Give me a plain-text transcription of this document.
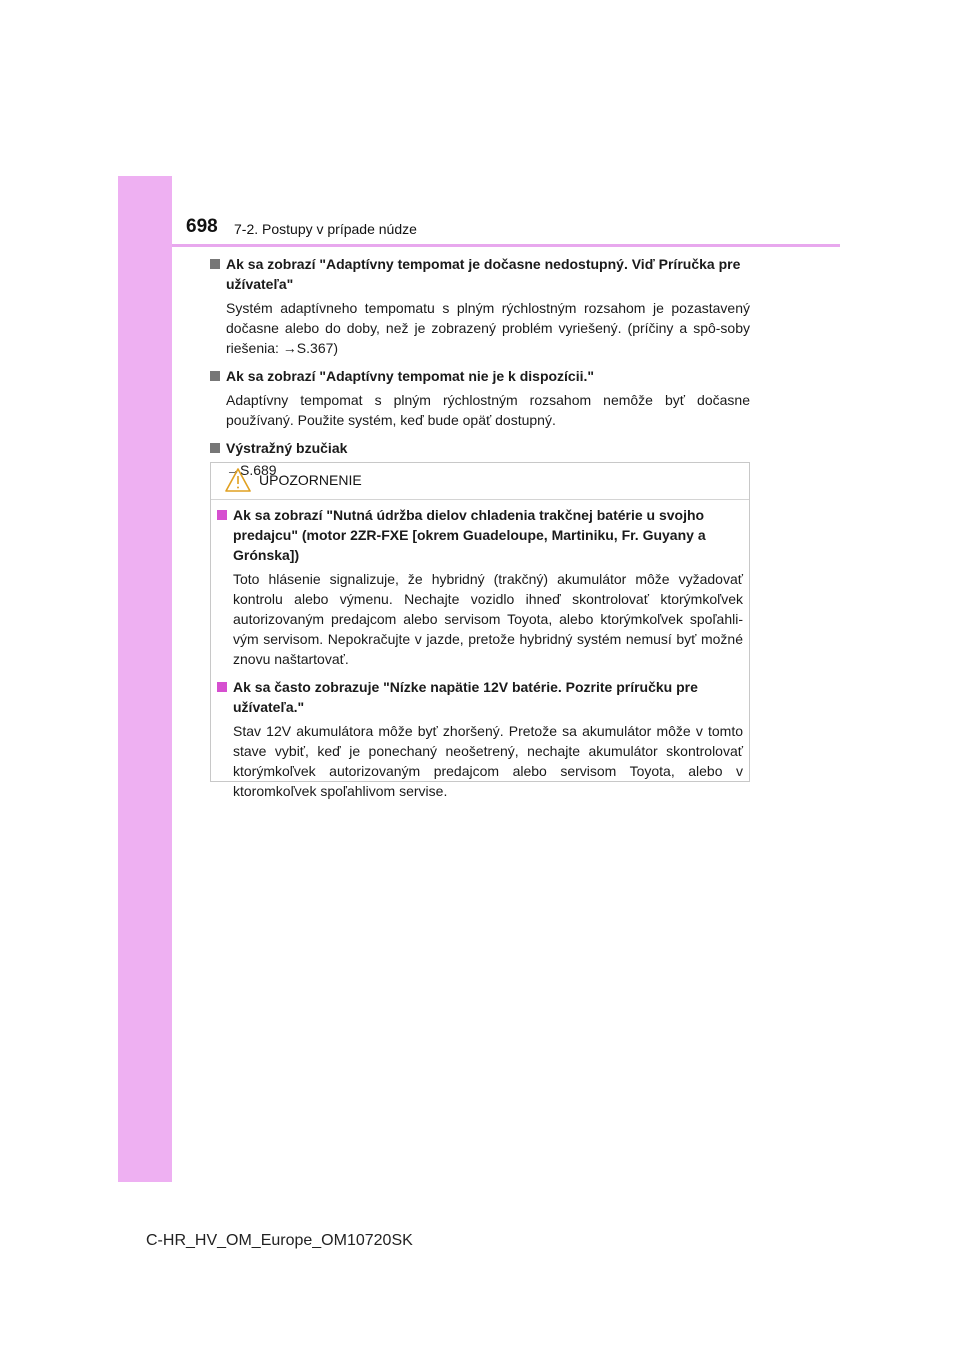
698 7-2. Postupy v prípade núdze
Ak sa zobrazí "Adaptívny tempomat je dočasne nedostupný. Viď Príručka pre užívateľa"
Systém adaptívneho tempomatu s plným rýchlostným rozsahom je pozastavený dočasne alebo do doby, než je zobrazený problém vyriešený. (príčiny a spô-soby riešenia: →S.367)
Ak sa zobrazí "Adaptívny tempomat nie je k dispozícii."
Adaptívny tempomat s plným rýchlostným rozsahom nemôže byť dočasne používaný. Použite systém, keď bude opäť dostupný.
Výstražný bzučiak
→S.689
UPOZORNENIE
Ak sa zobrazí "Nutná údržba dielov chladenia trakčnej batérie u svojho predajcu" (motor 2ZR-FXE [okrem Guadeloupe, Martiniku, Fr. Guyany a Grónska])
Toto hlásenie signalizuje, že hybridný (trakčný) akumulátor môže vyžadovať kontrolu alebo výmenu. Nechajte vozidlo ihneď skontrolovať ktorýmkoľvek autorizovaným predajcom alebo servisom Toyota, alebo ktorýmkoľvek spoľahli-vým servisom. Nepokračujte v jazde, pretože hybridný systém nemusí byť možné znovu naštartovať.
Ak sa často zobrazuje "Nízke napätie 12V batérie. Pozrite príručku pre užívateľa."
Stav 12V akumulátora môže byť zhoršený. Pretože sa akumulátor môže v tomto stave vybiť, keď je ponechaný neošetrený, nechajte akumulátor skontrolovať ktorýmkoľvek autorizovaným predajcom alebo servisom Toyota, alebo v ktoromkoľvek spoľahlivom servise.
C-HR_HV_OM_Europe_OM10720SK
